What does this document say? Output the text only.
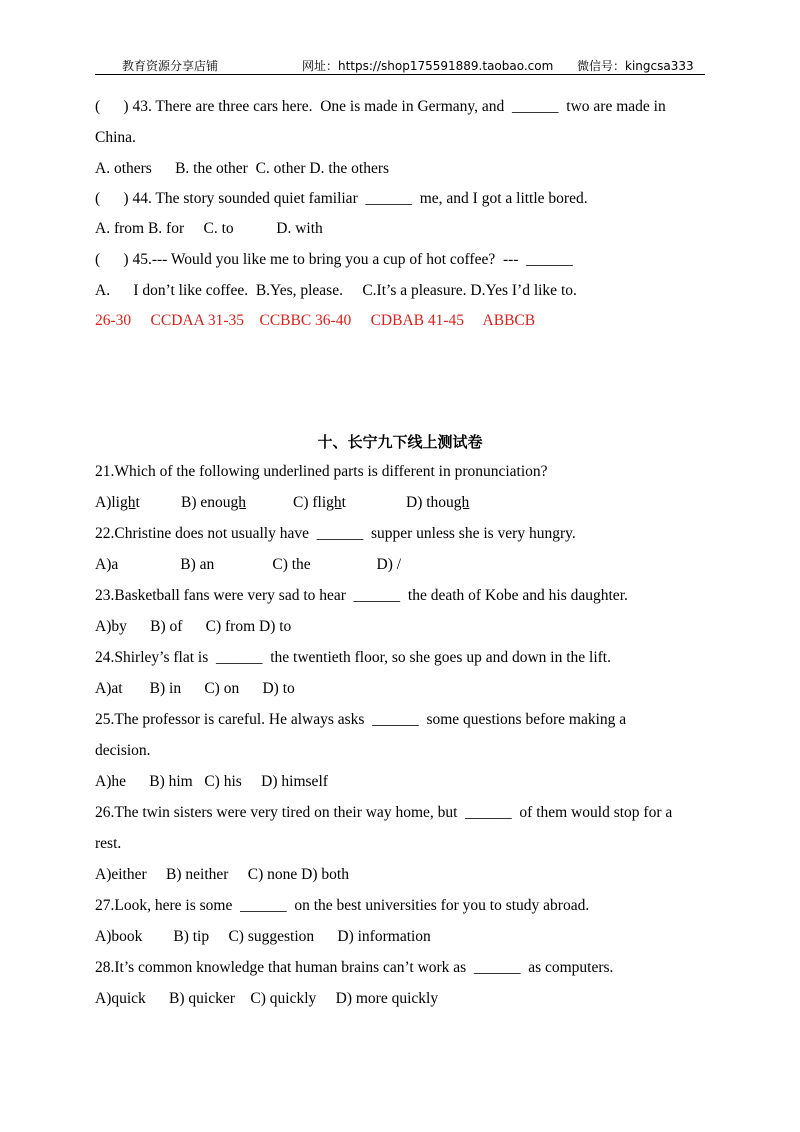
教育资源分享店铺	网址：https://shop175591889.taobao.com 微信号：kingcsa333
(      ) 43. There are three cars here.  One is made in Germany, and  ______  two are made in
China.
A. others      B. the other  C. other D. the others
(      ) 44. The story sounded quiet familiar  ______  me, and I got a little bored.
A. from B. for     C. to           D. with
(      ) 45.--- Would you like me to bring you a cup of hot coffee?  ---  ______
A.      I don’t like coffee.  B.Yes, please.     C.It’s a pleasure. D.Yes I’d like to.
26-30     CCDAA 31-35    CCBBC 36-40     CDBAB 41-45     ABBCB
十、长宁九下线上测试卷
21.Which of the following underlined parts is different in pronunciation?
A)light	B) enough	C) flight	D) though
22.Christine does not usually have  ______  supper unless she is very hungry.
A)a                B) an               C) the                 D) /
23.Basketball fans were very sad to hear  ______  the death of Kobe and his daughter.
A)by      B) of      C) from D) to
24.Shirley’s flat is  ______  the twentieth floor, so she goes up and down in the lift.
A)at       B) in      C) on      D) to
25.The professor is careful. He always asks  ______  some questions before making a
decision.
A)he      B) him   C) his     D) himself
26.The twin sisters were very tired on their way home, but  ______  of them would stop for a
rest.
A)either     B) neither     C) none D) both
27.Look, here is some  ______  on the best universities for you to study abroad.
A)book        B) tip     C) suggestion      D) information
28.It’s common knowledge that human brains can’t work as  ______  as computers.
A)quick      B) quicker    C) quickly     D) more quickly
